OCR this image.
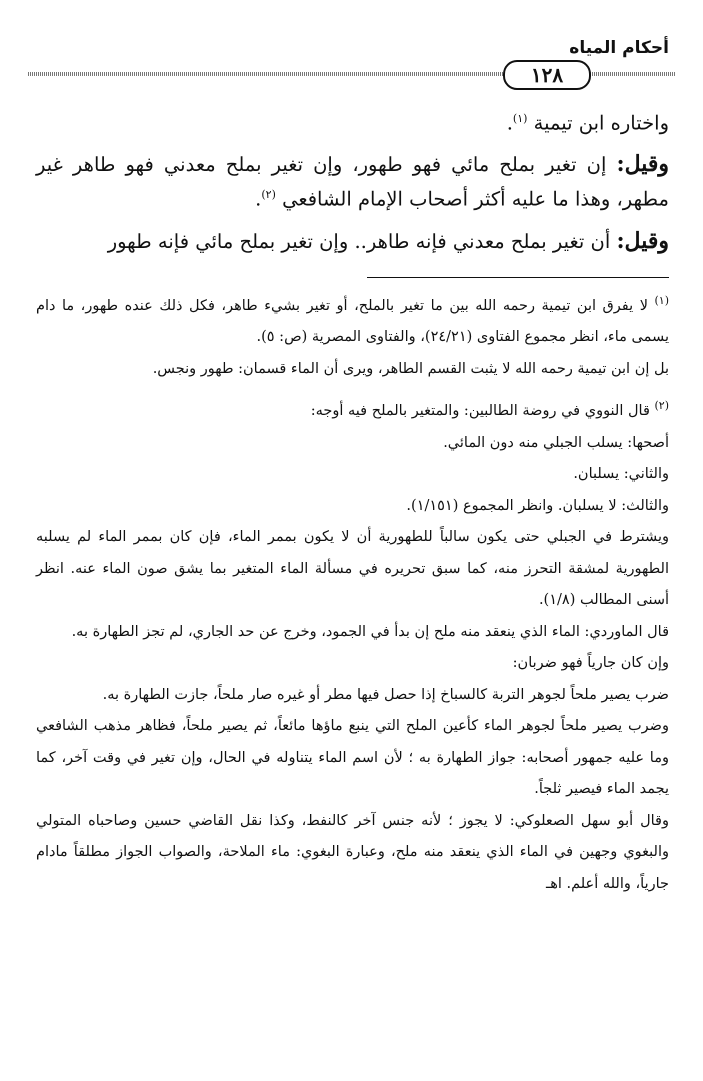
أحكام المياه
١٢٨

واختاره ابن تيمية $^{(١)}$.

وقيل: إن تغير بملح مائي فهو طهور، وإن تغير بملح معدني فهو طاهر غير مطهر، وهذا ما عليه أكثر أصحاب الإمام الشافعي $^{(٢)}$.

وقيل: أن تغير بملح معدني فإنه طاهر.. وإن تغير بملح مائي فإنه طهور

$^{(١)}$ لا يفرق ابن تيمية رحمه الله بين ما تغير بالملح، أو تغير بشيء طاهر، فكل ذلك عنده طهور، ما دام يسمى ماء، انظر مجموع الفتاوى (٢٤/٢١)، والفتاوى المصرية (ص: ٥).

بل إن ابن تيمية رحمه الله لا يثبت القسم الطاهر، ويرى أن الماء قسمان: طهور ونجس.

$^{(٢)}$ قال النووي في روضة الطالبين: والمتغير بالملح فيه أوجه:

أصحها: يسلب الجبلي منه دون المائي.

والثاني: يسلبان.

والثالث: لا يسلبان. وانظر المجموع (١/١٥١).

ويشترط في الجبلي حتى يكون سالباً للطهورية أن لا يكون بممر الماء، فإن كان بممر الماء لم يسلبه الطهورية لمشقة التحرز منه، كما سبق تحريره في مسألة الماء المتغير بما يشق صون الماء عنه. انظر أسنى المطالب (١/٨).

قال الماوردي: الماء الذي ينعقد منه ملح إن بدأ في الجمود، وخرج عن حد الجاري، لم تجز الطهارة به.

وإن كان جارياً فهو ضربان:

ضرب يصير ملحاً لجوهر التربة كالسباخ إذا حصل فيها مطر أو غيره صار ملحاً، جازت الطهارة به.

وضرب يصير ملحاً لجوهر الماء كأعين الملح التي ينبع ماؤها مائعاً، ثم يصير ملحاً، فظاهر مذهب الشافعي وما عليه جمهور أصحابه: جواز الطهارة به ؛ لأن اسم الماء يتناوله في الحال، وإن تغير في وقت آخر، كما يجمد الماء فيصير ثلجاً.

وقال أبو سهل الصعلوكي: لا يجوز ؛ لأنه جنس آخر كالنفط، وكذا نقل القاضي حسين وصاحباه المتولي والبغوي وجهين في الماء الذي ينعقد منه ملح، وعبارة البغوي: ماء الملاحة، والصواب الجواز مطلقاً مادام جارياً، والله أعلم. اهـ
